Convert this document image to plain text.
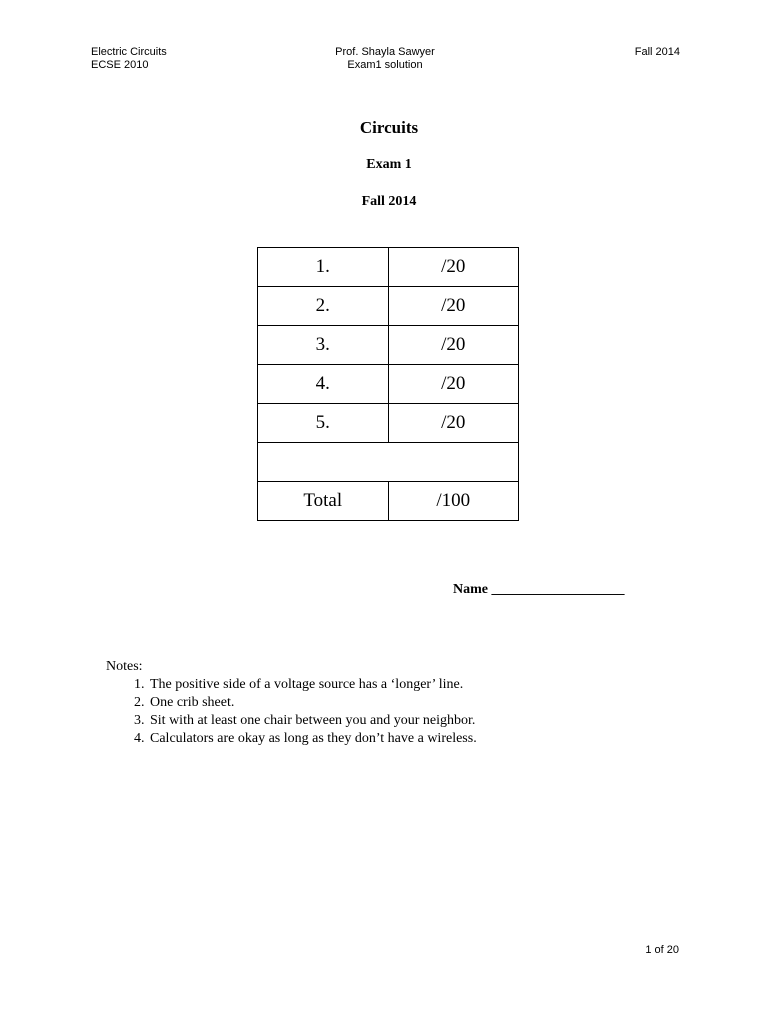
Electric Circuits
ECSE 2010
Prof. Shayla Sawyer
Exam1 solution
Fall 2014
Circuits
Exam 1
Fall 2014
1.	/20
2.	/20
3.	/20
4.	/20
5.	/20

Total	/100
Name ___________________
Notes:
1. The positive side of a voltage source has a ‘longer’ line.
2. One crib sheet.
3. Sit with at least one chair between you and your neighbor.
4. Calculators are okay as long as they don’t have a wireless.
1 of 20
